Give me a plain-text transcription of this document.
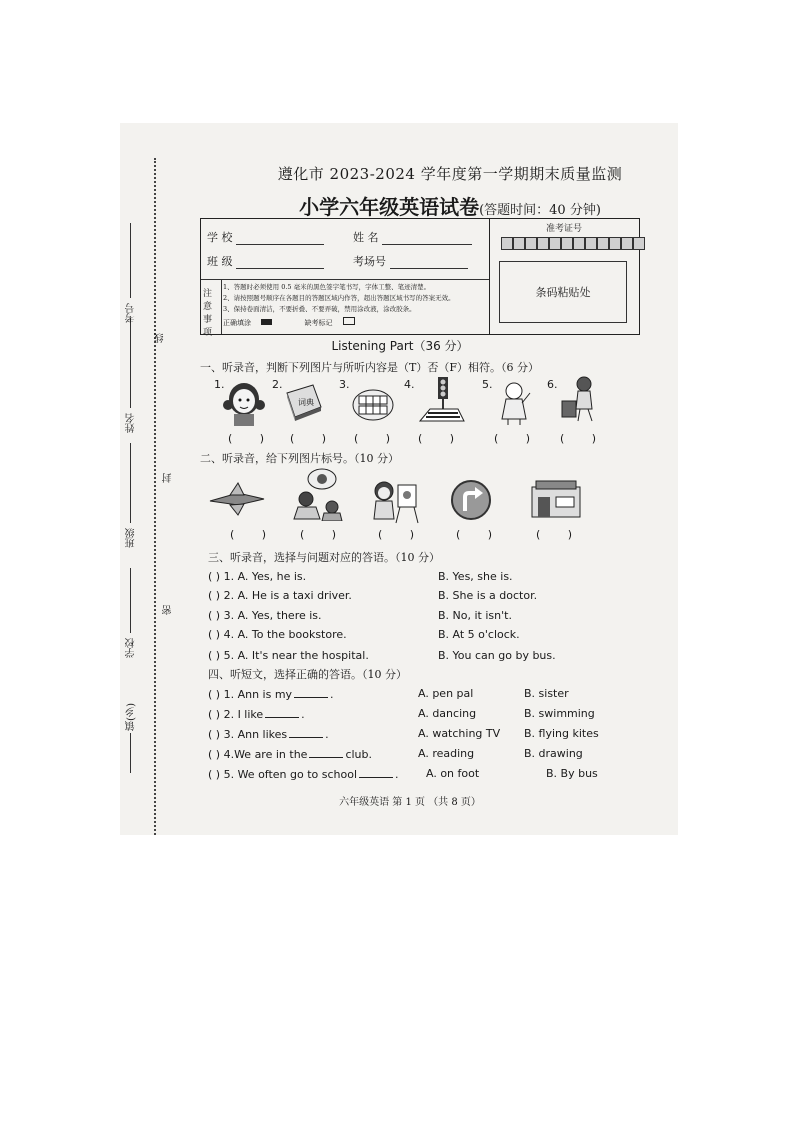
镇(乡)
学校
班级
姓名
考号
密
封
线
遵化市 2023-2024 学年度第一学期期末质量监测
小学六年级英语试卷(答题时间：40 分钟)
学 校	姓 名
班 级	考场号
注意事项
1、答题时必须使用 0.5 毫米的黑色签字笔书写，字体工整、笔迹清楚。
2、请按照题号顺序在各题目的答题区域内作答，超出答题区域书写的答案无效。
3、保持卷面清洁，不要折叠、不要弄破，禁用涂改液，涂改胶条。
正确填涂	缺考标记
准考证号
条码粘贴处
Listening Part（36 分）
一、听录音，判断下列图片与所听内容是（T）否（F）相符。（6 分）
1.	2.	3.	4.	5.	6.
词典
( ) ( ) ( ) ( )	( ) ( )
二、听录音，给下列图片标号。（10 分）
( ) ( )	( )	( )	( )
三、听录音，选择与问题对应的答语。（10 分）
( ) 1. A. Yes, he is.	B. Yes, she is.
( ) 2. A. He is a taxi driver.	B. She is a doctor.
( ) 3. A. Yes, there is.	B. No, it isn't.
( ) 4. A. To the bookstore.	B. At 5 o'clock.
( ) 5. A. It's near the hospital.	B. You can go by bus.
四、听短文，选择正确的答语。（10 分）
( ) 1. Ann is my	.	A. pen pal	B. sister
( ) 2. I like	.	A. dancing	B. swimming
( ) 3. Ann likes	.	A. watching TV B. flying kites
( ) 4.We are in the	club.	A. reading	B. drawing
( ) 5. We often go to school	. A. on foot	B. By bus
六年级英语 第 1 页 （共 8 页）
